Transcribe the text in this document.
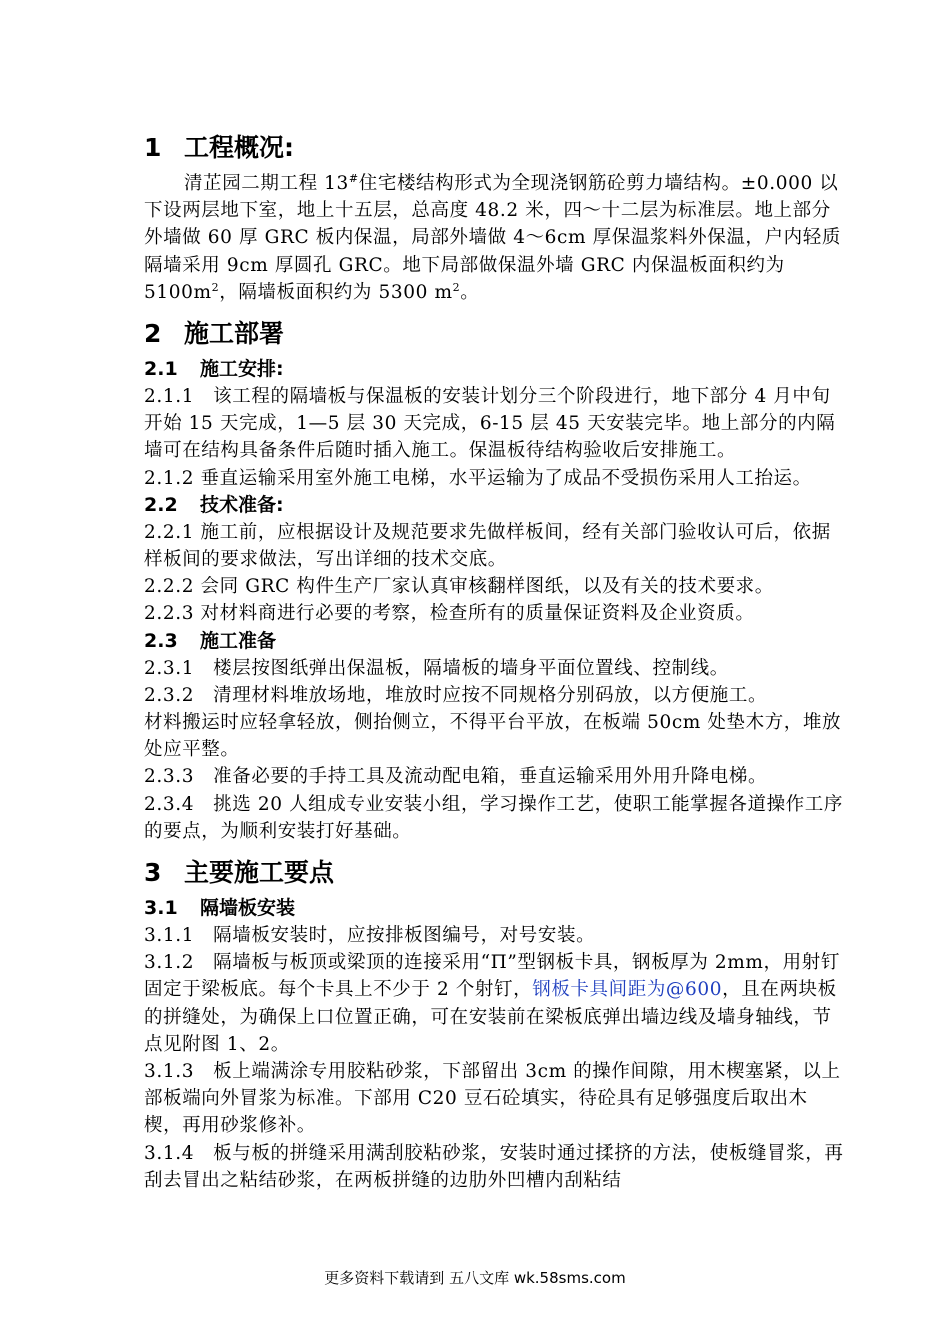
1 工程概况:

清芷园二期工程 13#住宅楼结构形式为全现浇钢筋砼剪力墙结构。±0.000 以下设两层地下室，地上十五层，总高度 48.2 米，四～十二层为标准层。地上部分外墙做 60 厚 GRC 板内保温，局部外墙做 4～6cm 厚保温浆料外保温，户内轻质隔墙采用 9cm 厚圆孔 GRC。地下局部做保温外墙 GRC 内保温板面积约为 $5100m^2$，隔墙板面积约为 5300 $m^2$。

2 施工部署
2.1 施工安排:

2.1.1　该工程的隔墙板与保温板的安装计划分三个阶段进行，地下部分 4 月中旬开始 15 天完成，1—5 层 30 天完成，6-15 层 45 天安装完毕。地上部分的内隔墙可在结构具备条件后随时插入施工。保温板待结构验收后安排施工。

2.1.2 垂直运输采用室外施工电梯，水平运输为了成品不受损伤采用人工抬运。

2.2 技术准备:

2.2.1 施工前，应根据设计及规范要求先做样板间，经有关部门验收认可后，依据样板间的要求做法，写出详细的技术交底。

2.2.2 会同 GRC 构件生产厂家认真审核翻样图纸，以及有关的技术要求。

2.2.3 对材料商进行必要的考察，检查所有的质量保证资料及企业资质。

2.3 施工准备

2.3.1　楼层按图纸弹出保温板，隔墙板的墙身平面位置线、控制线。

2.3.2　清理材料堆放场地，堆放时应按不同规格分别码放，以方便施工。

材料搬运时应轻拿轻放，侧抬侧立，不得平台平放，在板端 50cm 处垫木方，堆放处应平整。

2.3.3　准备必要的手持工具及流动配电箱，垂直运输采用外用升降电梯。

2.3.4　挑选 20 人组成专业安装小组，学习操作工艺，使职工能掌握各道操作工序的要点，为顺利安装打好基础。

3 主要施工要点
3.1 隔墙板安装

3.1.1　隔墙板安装时，应按排板图编号，对号安装。

3.1.2　隔墙板与板顶或梁顶的连接采用“Π”型钢板卡具，钢板厚为 2mm，用射钉固定于梁板底。每个卡具上不少于 2 个射钉，钢板卡具间距为@600，且在两块板的拼缝处，为确保上口位置正确，可在安装前在梁板底弹出墙边线及墙身轴线，节点见附图 1、2。

3.1.3　板上端满涂专用胶粘砂浆，下部留出 3cm 的操作间隙，用木楔塞紧，以上部板端向外冒浆为标准。下部用 C20 豆石砼填实，待砼具有足够强度后取出木楔，再用砂浆修补。

3.1.4　板与板的拼缝采用满刮胶粘砂浆，安装时通过揉挤的方法，使板缝冒浆，再刮去冒出之粘结砂浆，在两板拼缝的边肋外凹槽内刮粘结

更多资料下载请到 五八文库 wk.58sms.com
